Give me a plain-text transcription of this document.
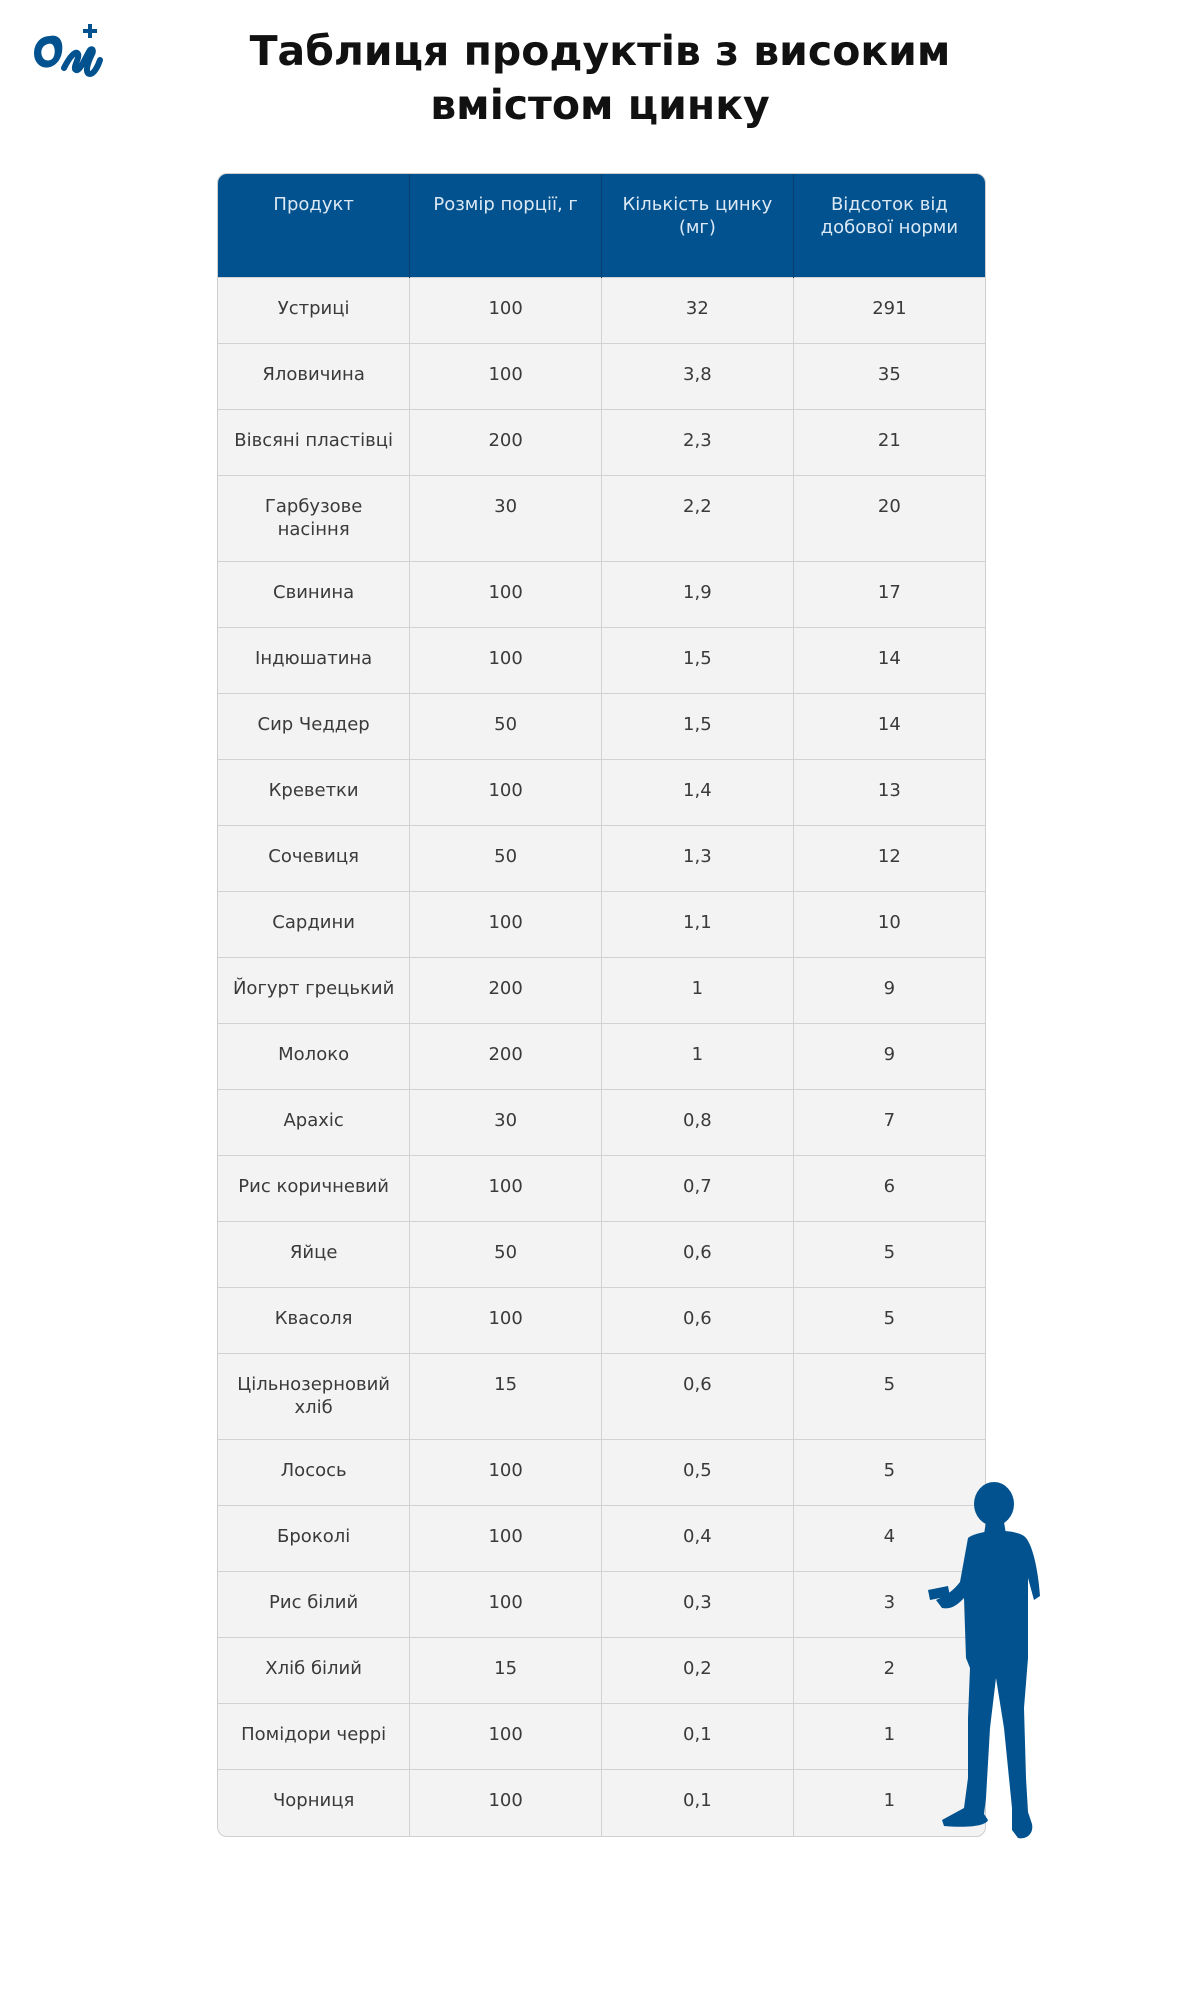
Таблиця продуктів з високим
вмістом цинку
Продукт	Розмір порції, г	Кількість цинку (мг)	Відсоток від добової норми
Устриці	100	32	291
Яловичина	100	3,8	35
Вівсяні пластівці	200	2,3	21
Гарбузове насіння	30	2,2	20
Свинина	100	1,9	17
Індюшатина	100	1,5	14
Сир Чеддер	50	1,5	14
Креветки	100	1,4	13
Сочевиця	50	1,3	12
Сардини	100	1,1	10
Йогурт грецький	200	1	9
Молоко	200	1	9
Арахіс	30	0,8	7
Рис коричневий	100	0,7	6
Яйце	50	0,6	5
Квасоля	100	0,6	5
Цільнозерновий хліб	15	0,6	5
Лосось	100	0,5	5
Броколі	100	0,4	4
Рис білий	100	0,3	3
Хліб білий	15	0,2	2
Помідори черрі	100	0,1	1
Чорниця	100	0,1	1
